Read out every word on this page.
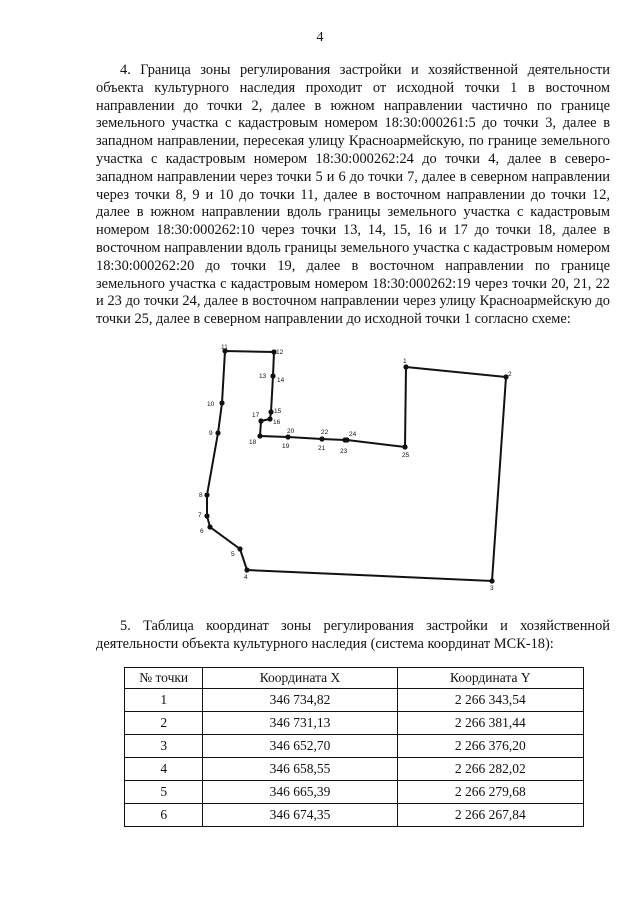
4

4. Граница зоны регулирования застройки и хозяйственной деятельности объекта культурного наследия проходит от исходной точки 1 в восточном направлении до точки 2, далее в южном направлении частично по границе земельного участка с кадастровым номером 18:30:000261:5 до точки 3, далее в западном направлении, пересекая улицу Красноармейскую, по границе земельного участка с кадастровым номером 18:30:000262:24 до точки 4, далее в северо-западном направлении через точки 5 и 6 до точки 7, далее в северном направлении через точки 8, 9 и 10 до точки 11, далее в восточном направлении до точки 12, далее в южном направлении вдоль границы земельного участка с кадастровым номером 18:30:000262:10 через точки 13, 14, 15, 16 и 17 до точки 18, далее в восточном направлении вдоль границы земельного участка с кадастровым номером 18:30:000262:20 до точки 19, далее в восточном направлении по границе земельного участка с кадастровым номером 18:30:000262:19 через точки 20, 21, 22 и 23 до точки 24, далее в восточном направлении через улицу Красноармейскую до точки 25, далее в северном направлении до исходной точки 1 согласно схеме:

1
2
3
4
5
6
7
8
9
10
11
12
13
14
15
16
17
18
19
20
21
22
23
24
25

5. Таблица координат зоны регулирования застройки и хозяйственной деятельности объекта культурного наследия (система координат МСК-18):

№ точки	Координата X	Координата Y
1	346 734,82	2 266 343,54
2	346 731,13	2 266 381,44
3	346 652,70	2 266 376,20
4	346 658,55	2 266 282,02
5	346 665,39	2 266 279,68
6	346 674,35	2 266 267,84
